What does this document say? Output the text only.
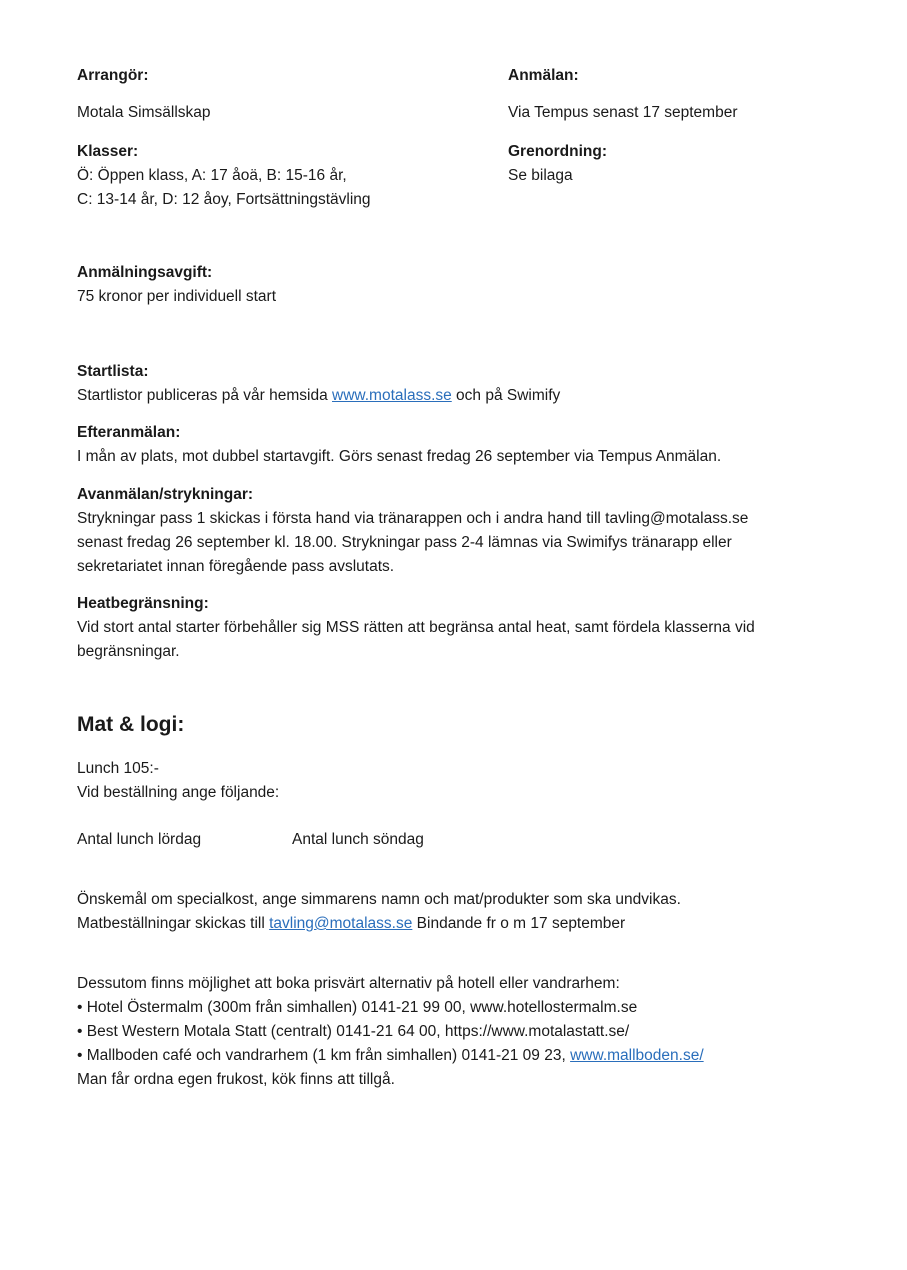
Arrangör:
Motala Simsällskap
Anmälan:
Via Tempus senast 17 september
Klasser:
Ö: Öppen klass, A: 17 åoä, B: 15-16 år,
C: 13-14 år, D: 12 åoy, Fortsättningstävling
Grenordning:
Se bilaga
Anmälningsavgift:
75 kronor per individuell start
Startlista:
Startlistor publiceras på vår hemsida www.motalass.se och på Swimify
Efteranmälan:
I mån av plats, mot dubbel startavgift. Görs senast fredag 26 september via Tempus Anmälan.
Avanmälan/strykningar:
Strykningar pass 1 skickas i första hand via tränarappen och i andra hand till tavling@motalass.se
senast fredag 26 september kl. 18.00. Strykningar pass 2-4 lämnas via Swimifys tränarapp eller
sekretariatet innan föregående pass avslutats.
Heatbegränsning:
Vid stort antal starter förbehåller sig MSS rätten att begränsa antal heat, samt fördela klasserna vid
begränsningar.
Mat & logi:
Lunch 105:-
Vid beställning ange följande:
Antal lunch lördag	Antal lunch söndag
Önskemål om specialkost, ange simmarens namn och mat/produkter som ska undvikas.
Matbeställningar skickas till tavling@motalass.se Bindande fr o m 17 september
Dessutom finns möjlighet att boka prisvärt alternativ på hotell eller vandrarhem:
• Hotel Östermalm (300m från simhallen) 0141-21 99 00, www.hotellostermalm.se
• Best Western Motala Statt (centralt) 0141-21 64 00, https://www.motalastatt.se/
• Mallboden café och vandrarhem (1 km från simhallen) 0141-21 09 23, www.mallboden.se/
Man får ordna egen frukost, kök finns att tillgå.
